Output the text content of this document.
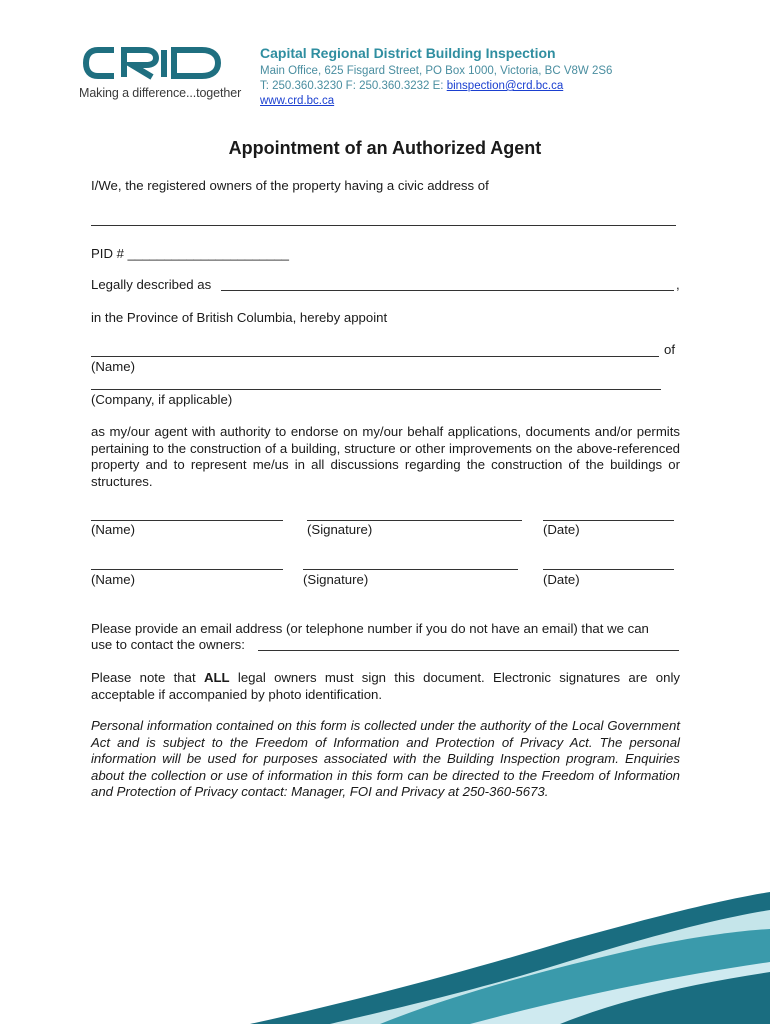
Making a difference...together
Capital Regional District Building Inspection
Main Office, 625 Fisgard Street, PO Box 1000, Victoria, BC V8W 2S6
T: 250.360.3230 F: 250.360.3232 E: binspection@crd.bc.ca
www.crd.bc.ca
Appointment of an Authorized Agent
I/We, the registered owners of the property having a civic address of
PID # ______________________
Legally described as	,
in the Province of British Columbia, hereby appoint
of
(Name)
(Company, if applicable)
as my/our agent with authority to endorse on my/our behalf applications, documents and/or permits pertaining to the construction of a building, structure or other improvements on the above-referenced property and to represent me/us in all discussions regarding the construction of the buildings or structures.
(Name)	(Signature)	(Date)
(Name)	(Signature)	(Date)
Please provide an email address (or telephone number if you do not have an email) that we can
use to contact the owners:
Please note that ALL legal owners must sign this document. Electronic signatures are only acceptable if accompanied by photo identification.
Personal information contained on this form is collected under the authority of the Local Government Act and is subject to the Freedom of Information and Protection of Privacy Act. The personal information will be used for purposes associated with the Building Inspection program. Enquiries about the collection or use of information in this form can be directed to the Freedom of Information and Protection of Privacy contact: Manager, FOI and Privacy at 250-360-5673.
